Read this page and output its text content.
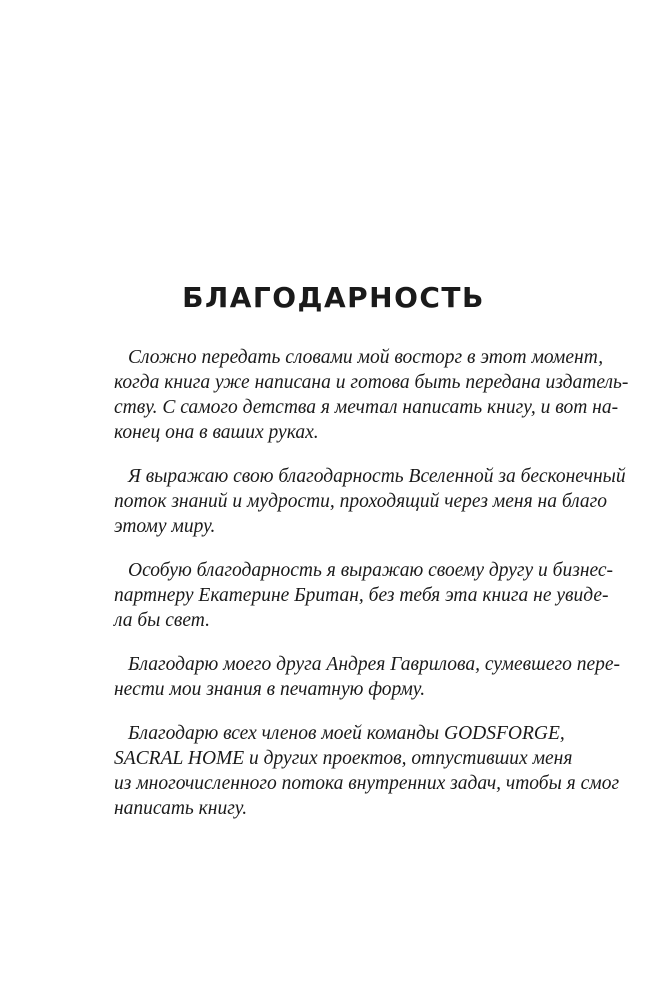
БЛАГОДАРНОСТЬ

Сложно передать словами мой восторг в этот момент,
когда книга уже написана и готова быть передана издатель-
ству. С самого детства я мечтал написать книгу, и вот на-
конец она в ваших руках.

Я выражаю свою благодарность Вселенной за бесконечный
поток знаний и мудрости, проходящий через меня на благо
этому миру.

Особую благодарность я выражаю своему другу и бизнес-
партнеру Екатерине Британ, без тебя эта книга не увиде-
ла бы свет.

Благодарю моего друга Андрея Гаврилова, сумевшего пере-
нести мои знания в печатную форму.

Благодарю всех членов моей команды GODSFORGE,
SACRAL HOME и других проектов, отпустивших меня
из многочисленного потока внутренних задач, чтобы я смог
написать книгу.
